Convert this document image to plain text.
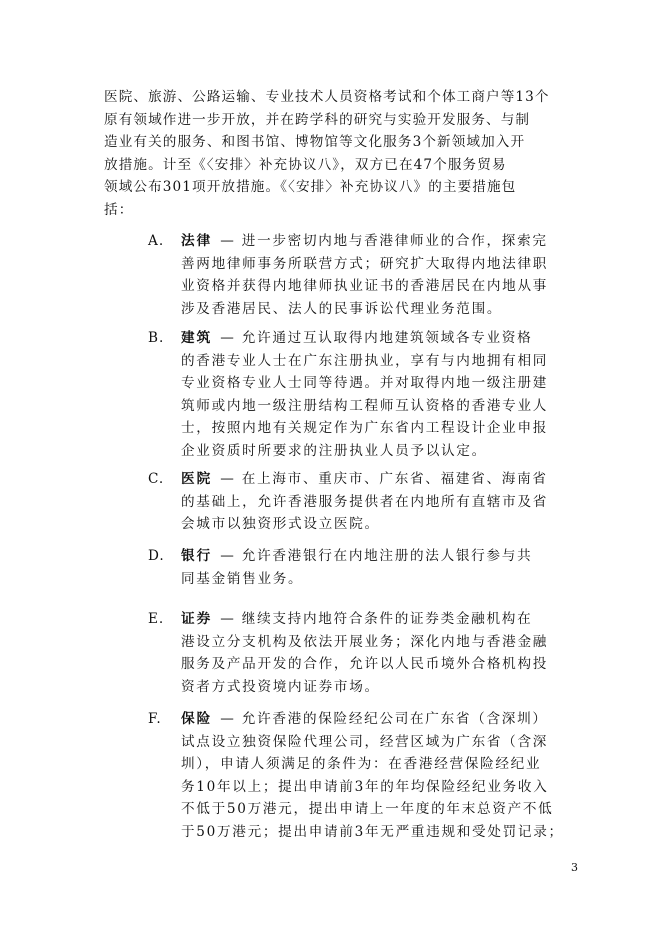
医院、旅游、公路运输、专业技术人员资格考试和个体工商户等13个
原有领域作进一步开放，并在跨学科的研究与实验开发服务、与制
造业有关的服务、和图书馆、博物馆等文化服务3个新领域加入开
放措施。计至《〈安排〉补充协议八》，双方已在47个服务贸易
领域公布301项开放措施。《〈安排〉补充协议八》的主要措施包
括：
A. 法律 — 进一步密切内地与香港律师业的合作，探索完
善两地律师事务所联营方式；研究扩大取得内地法律职
业资格并获得内地律师执业证书的香港居民在内地从事
涉及香港居民、法人的民事诉讼代理业务范围。
B. 建筑 — 允许通过互认取得内地建筑领域各专业资格
的香港专业人士在广东注册执业，享有与内地拥有相同
专业资格专业人士同等待遇。并对取得内地一级注册建
筑师或内地一级注册结构工程师互认资格的香港专业人
士，按照内地有关规定作为广东省内工程设计企业申报
企业资质时所要求的注册执业人员予以认定。
C. 医院 — 在上海市、重庆市、广东省、福建省、海南省
的基础上，允许香港服务提供者在内地所有直辖市及省
会城市以独资形式设立医院。
D. 银行 — 允许香港银行在内地注册的法人银行参与共
同基金销售业务。
E. 证券 — 继续支持内地符合条件的证券类金融机构在
港设立分支机构及依法开展业务；深化内地与香港金融
服务及产品开发的合作，允许以人民币境外合格机构投
资者方式投资境内证券市场。
F. 保险 — 允许香港的保险经纪公司在广东省（含深圳）
试点设立独资保险代理公司，经营区域为广东省（含深
圳），申请人须满足的条件为：在香港经营保险经纪业
务10年以上；提出申请前3年的年均保险经纪业务收入
不低于50万港元，提出申请上一年度的年末总资产不低
于50万港元；提出申请前3年无严重违规和受处罚记录；
3
